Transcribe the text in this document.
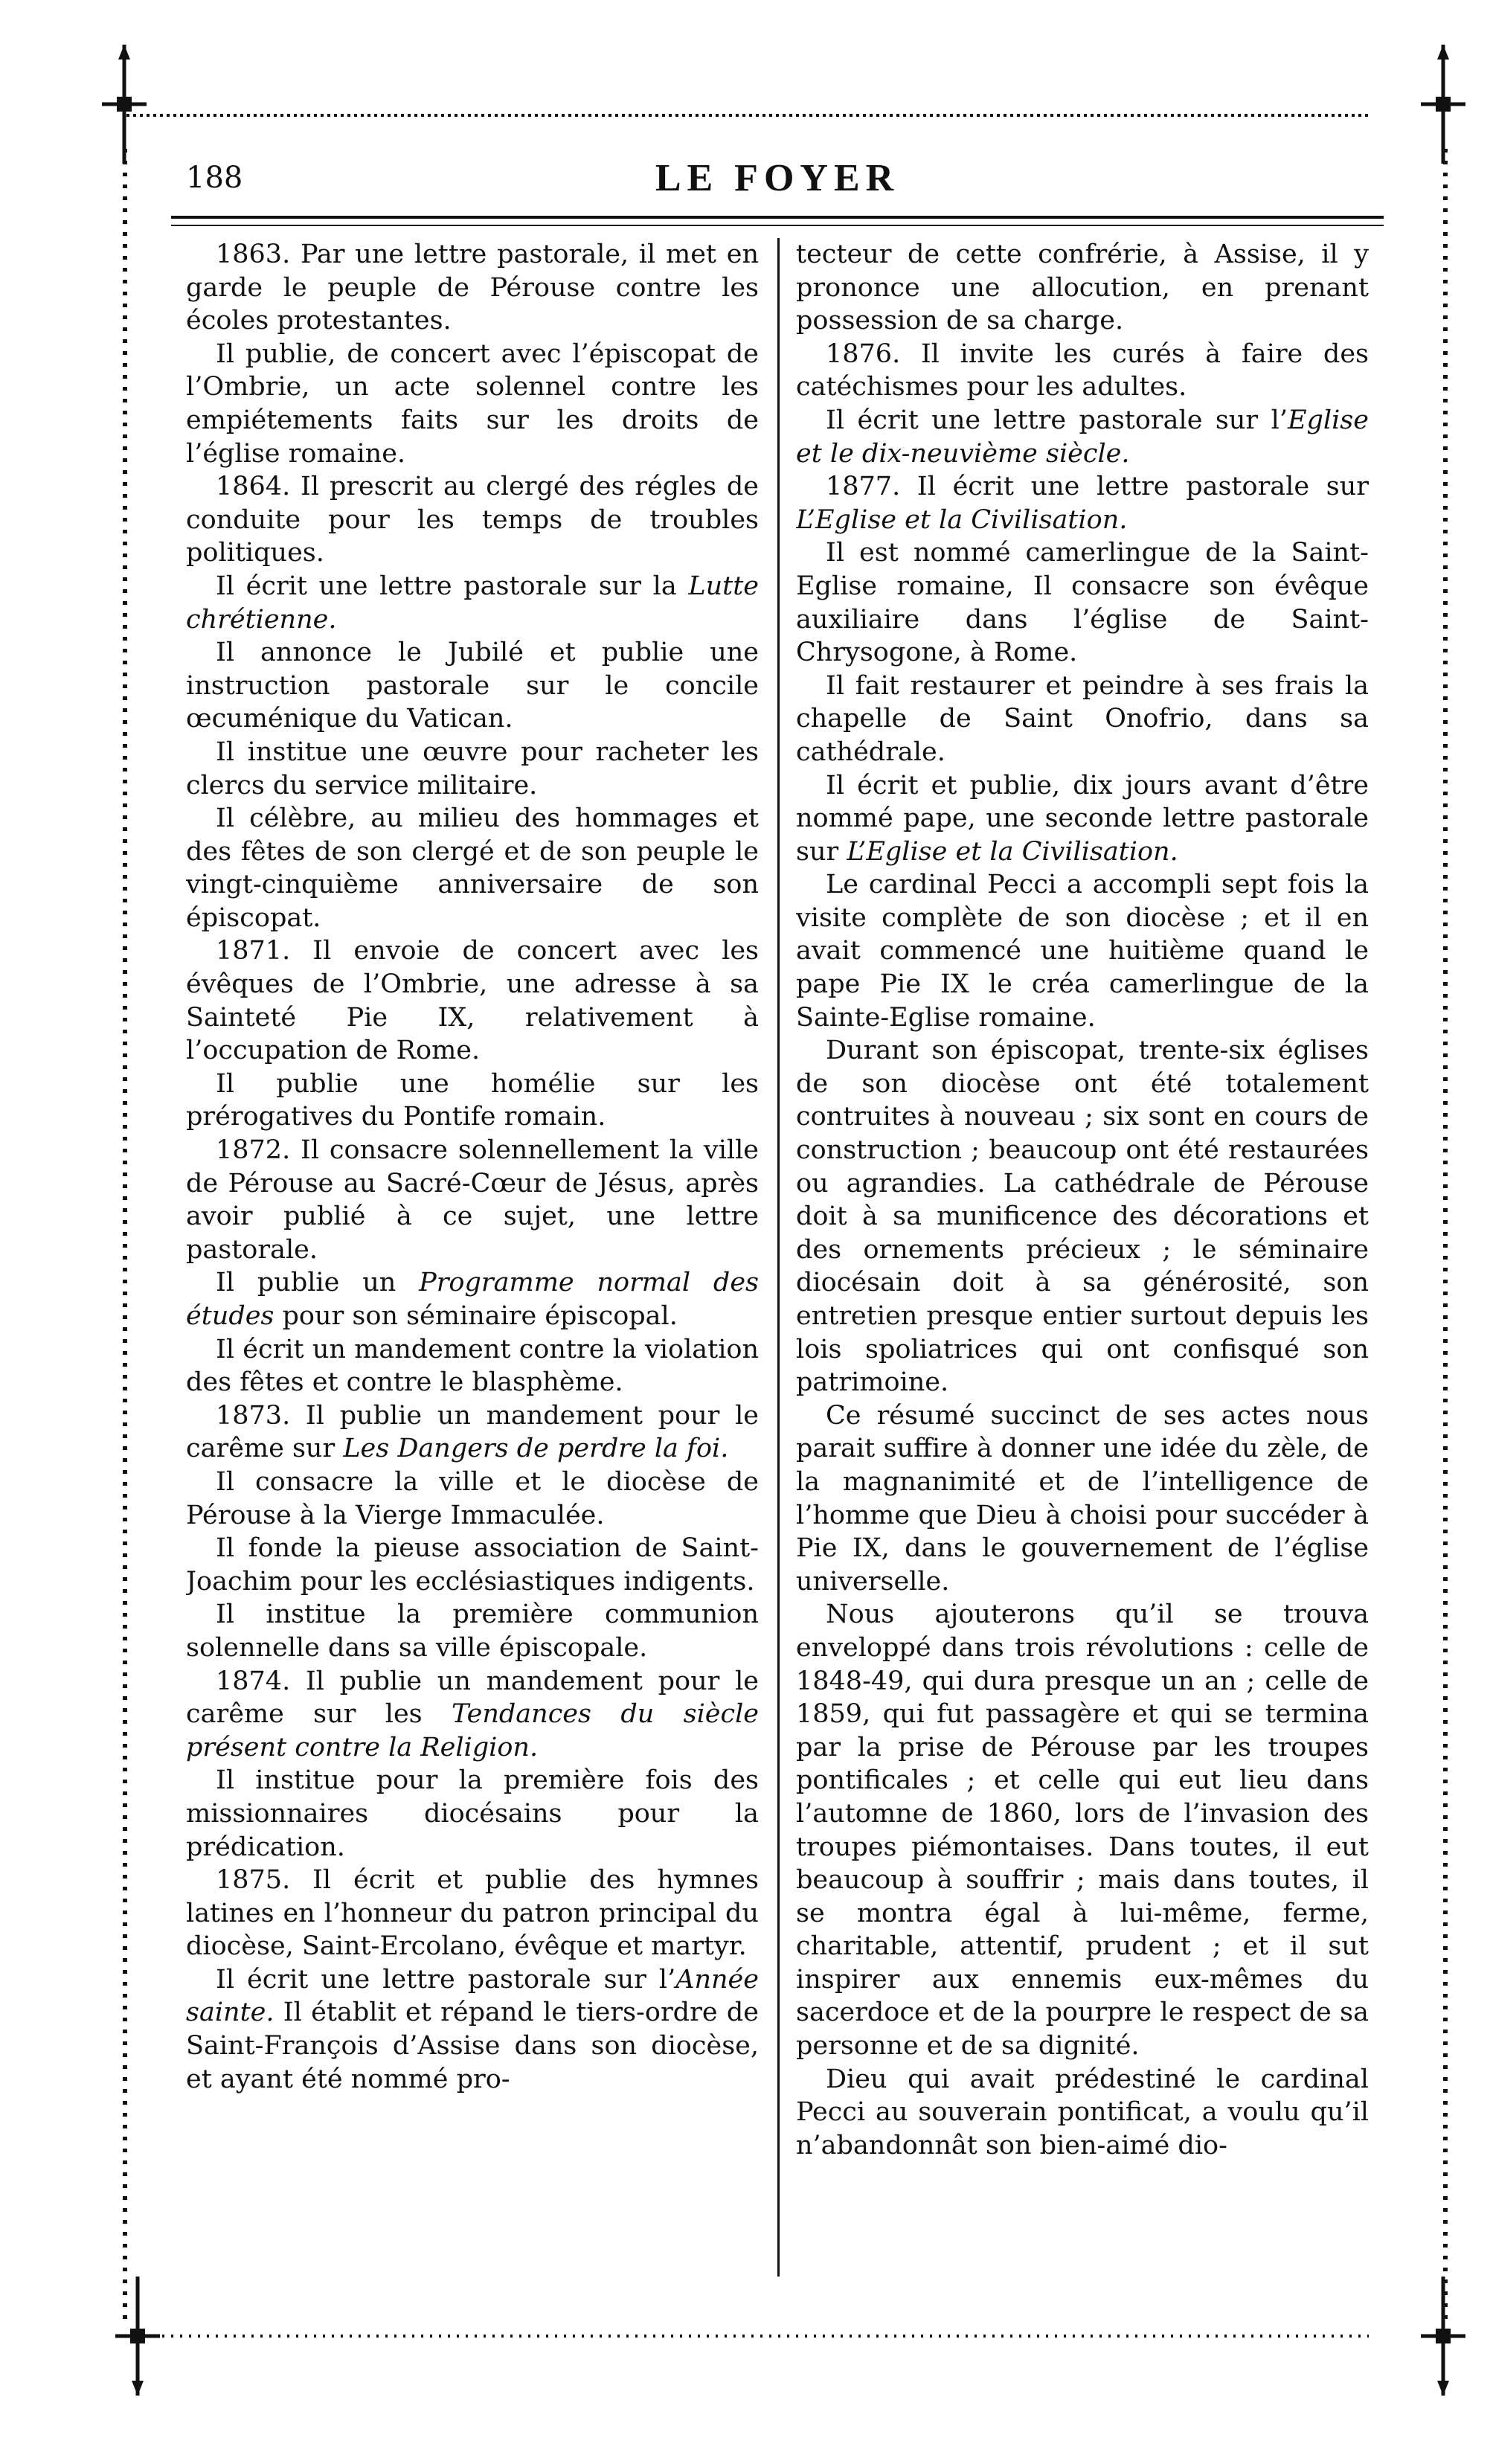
188	LE FOYER

1863. Par une lettre pastorale, il met en garde le peuple de Pérouse contre les écoles protestantes.

Il publie, de concert avec l’épiscopat de l’Ombrie, un acte solennel contre les empiétements faits sur les droits de l’église romaine.

1864. Il prescrit au clergé des régles de conduite pour les temps de troubles politiques.

Il écrit une lettre pastorale sur la Lutte chrétienne.

Il annonce le Jubilé et publie une instruction pastorale sur le concile œcuménique du Vatican.

Il institue une œuvre pour racheter les clercs du service militaire.

Il célèbre, au milieu des hommages et des fêtes de son clergé et de son peuple le vingt-cinquième anniversaire de son épiscopat.

1871. Il envoie de concert avec les évêques de l’Ombrie, une adresse à sa Sainteté Pie IX, relativement à l’occupation de Rome.

Il publie une homélie sur les prérogatives du Pontife romain.

1872. Il consacre solennellement la ville de Pérouse au Sacré-Cœur de Jésus, après avoir publié à ce sujet, une lettre pastorale.

Il publie un Programme normal des études pour son séminaire épiscopal.

Il écrit un mandement contre la violation des fêtes et contre le blasphème.

1873. Il publie un mandement pour le carême sur Les Dangers de perdre la foi.

Il consacre la ville et le diocèse de Pérouse à la Vierge Immaculée.

Il fonde la pieuse association de Saint-Joachim pour les ecclésiastiques indigents.

Il institue la première communion solennelle dans sa ville épiscopale.

1874. Il publie un mandement pour le carême sur les Tendances du siècle présent contre la Religion.

Il institue pour la première fois des missionnaires diocésains pour la prédication.

1875. Il écrit et publie des hymnes latines en l’honneur du patron principal du diocèse, Saint-Ercolano, évêque et martyr.

Il écrit une lettre pastorale sur l’Année sainte. Il établit et répand le tiers-ordre de Saint-François d’Assise dans son diocèse, et ayant été nommé pro-

tecteur de cette confrérie, à Assise, il y prononce une allocution, en prenant possession de sa charge.

1876. Il invite les curés à faire des catéchismes pour les adultes.

Il écrit une lettre pastorale sur l’Eglise et le dix-neuvième siècle.

1877. Il écrit une lettre pastorale sur L’Eglise et la Civilisation.

Il est nommé camerlingue de la Saint-Eglise romaine, Il consacre son évêque auxiliaire dans l’église de Saint-Chrysogone, à Rome.

Il fait restaurer et peindre à ses frais la chapelle de Saint Onofrio, dans sa cathédrale.

Il écrit et publie, dix jours avant d’être nommé pape, une seconde lettre pastorale sur L’Eglise et la Civilisation.

Le cardinal Pecci a accompli sept fois la visite complète de son diocèse ; et il en avait commencé une huitième quand le pape Pie IX le créa camerlingue de la Sainte-Eglise romaine.

Durant son épiscopat, trente-six églises de son diocèse ont été totalement contruites à nouveau ; six sont en cours de construction ; beaucoup ont été restaurées ou agrandies. La cathédrale de Pérouse doit à sa munificence des décorations et des ornements précieux ; le séminaire diocésain doit à sa générosité, son entretien presque entier surtout depuis les lois spoliatrices qui ont confisqué son patrimoine.

Ce résumé succinct de ses actes nous parait suffire à donner une idée du zèle, de la magnanimité et de l’intelligence de l’homme que Dieu à choisi pour succéder à Pie IX, dans le gouvernement de l’église universelle.

Nous ajouterons qu’il se trouva enveloppé dans trois révolutions : celle de 1848-49, qui dura presque un an ; celle de 1859, qui fut passagère et qui se termina par la prise de Pérouse par les troupes pontificales ; et celle qui eut lieu dans l’automne de 1860, lors de l’invasion des troupes piémontaises. Dans toutes, il eut beaucoup à souffrir ; mais dans toutes, il se montra égal à lui-même, ferme, charitable, attentif, prudent ; et il sut inspirer aux ennemis eux-mêmes du sacerdoce et de la pourpre le respect de sa personne et de sa dignité.

Dieu qui avait prédestiné le cardinal Pecci au souverain pontificat, a voulu qu’il n’abandonnât son bien-aimé dio-
